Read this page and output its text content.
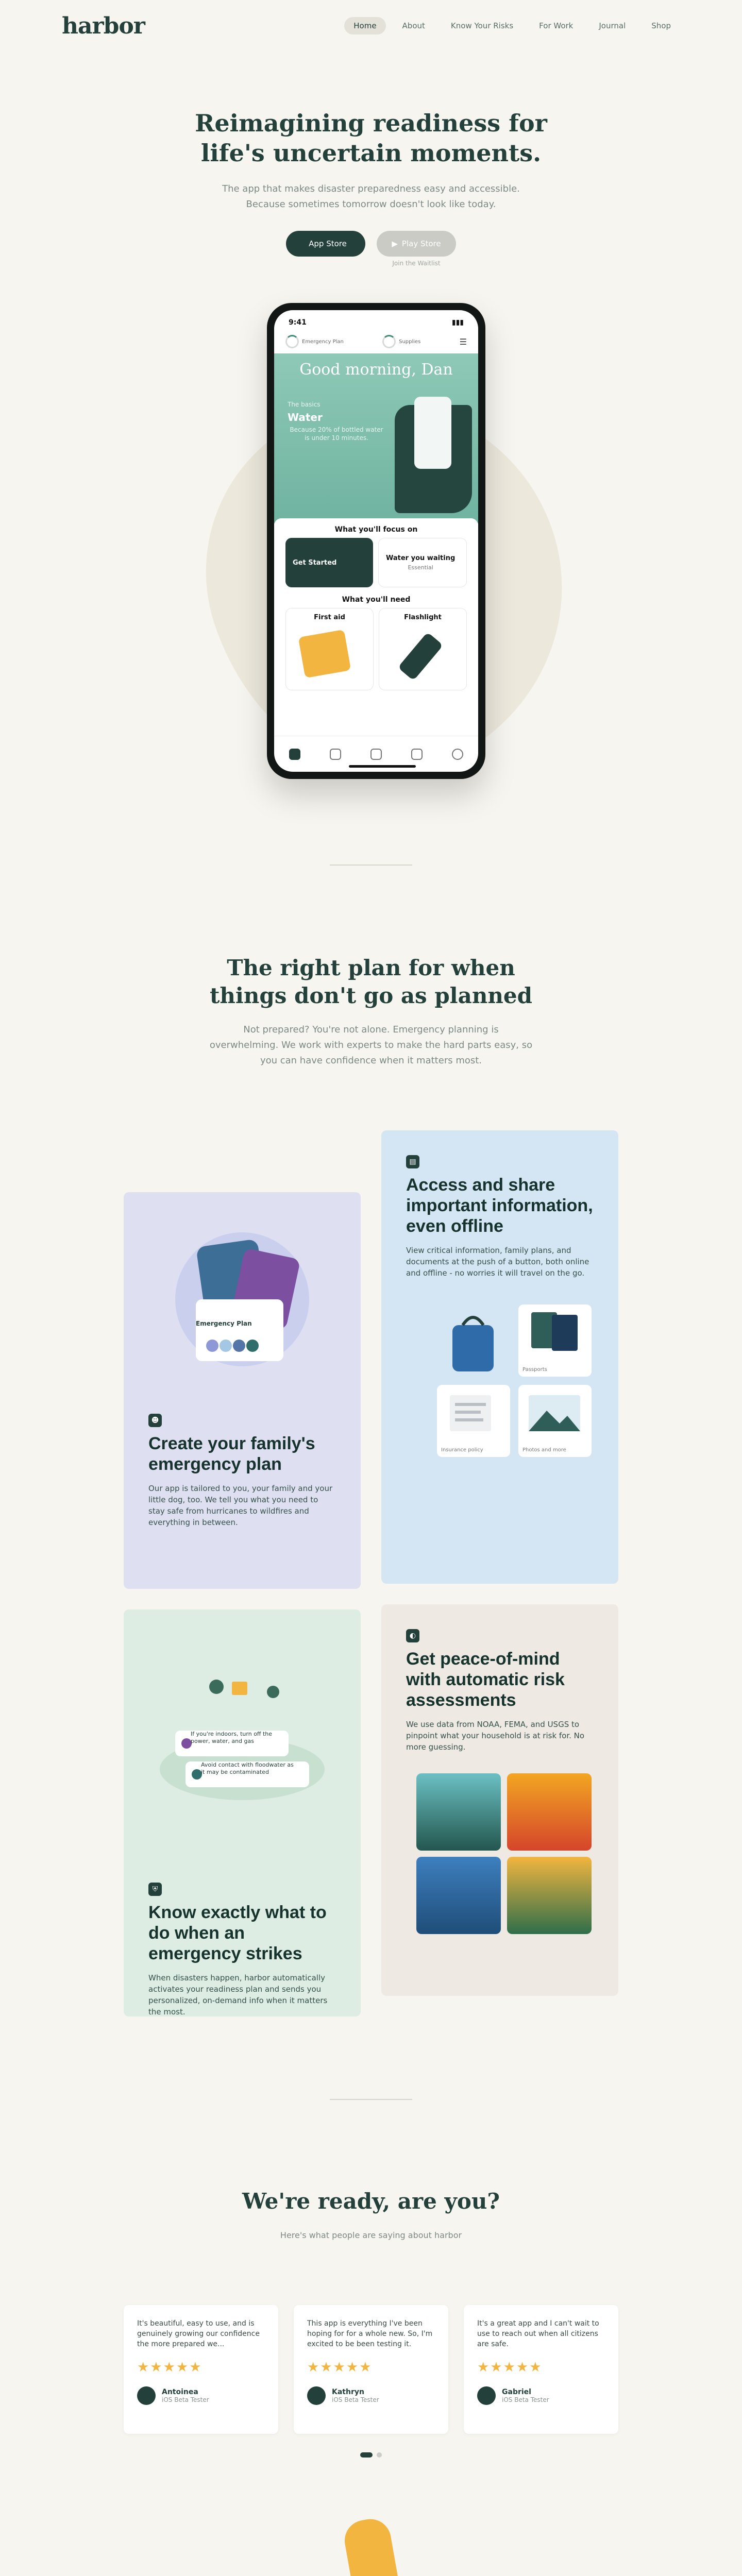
harbor	Home	About	Know Your Risks	For Work	Journal	Shop
Reimagining readiness for
life's uncertain moments.

The app that makes disaster preparedness easy and accessible.
Because sometimes tomorrow doesn't look like today.

App Store	▶ Play Store
Join the Waitlist
9:41	▮▮▮
Emergency Plan	Supplies	☰
Good morning, Dan
The basics
Water
Because 20% of bottled water is under 10 minutes.
What you'll focus on
Get Started
Water you waiting
Essential
What you'll need
First aid	Flashlight
The right plan for when
things don't go as planned

Not prepared? You're not alone. Emergency planning is
overwhelming. We work with experts to make the hard parts easy, so
you can have confidence when it matters most.

Emergency Plan
☻
Create your family's emergency plan
Our app is tailored to you, your family and your little dog, too. We tell you what you need to stay safe from hurricanes to wildfires and everything in between.
▤
Access and share important information, even offline
View critical information, family plans, and documents at the push of a button, both online and offline - no worries it will travel on the go.
Passports
Insurance policy	Photos and more
If you're indoors, turn off the power, water, and gas
Avoid contact with floodwater as it may be contaminated
⛨
Know exactly what to do when an emergency strikes
When disasters happen, harbor automatically activates your readiness plan and sends you personalized, on-demand info when it matters the most.
◐
Get peace-of-mind with automatic risk assessments
We use data from NOAA, FEMA, and USGS to pinpoint what your household is at risk for. No more guessing.
We're ready, are you?

Here's what people are saying about harbor

It's beautiful, easy to use, and is genuinely growing our confidence the more prepared we...
★★★★★
Antoinea
iOS Beta Tester
This app is everything I've been hoping for for a whole new. So, I'm excited to be been testing it.
★★★★★
Kathryn
iOS Beta Tester
It's a great app and I can't wait to use to reach out when all citizens are safe.
★★★★★
Gabriel
iOS Beta Tester
